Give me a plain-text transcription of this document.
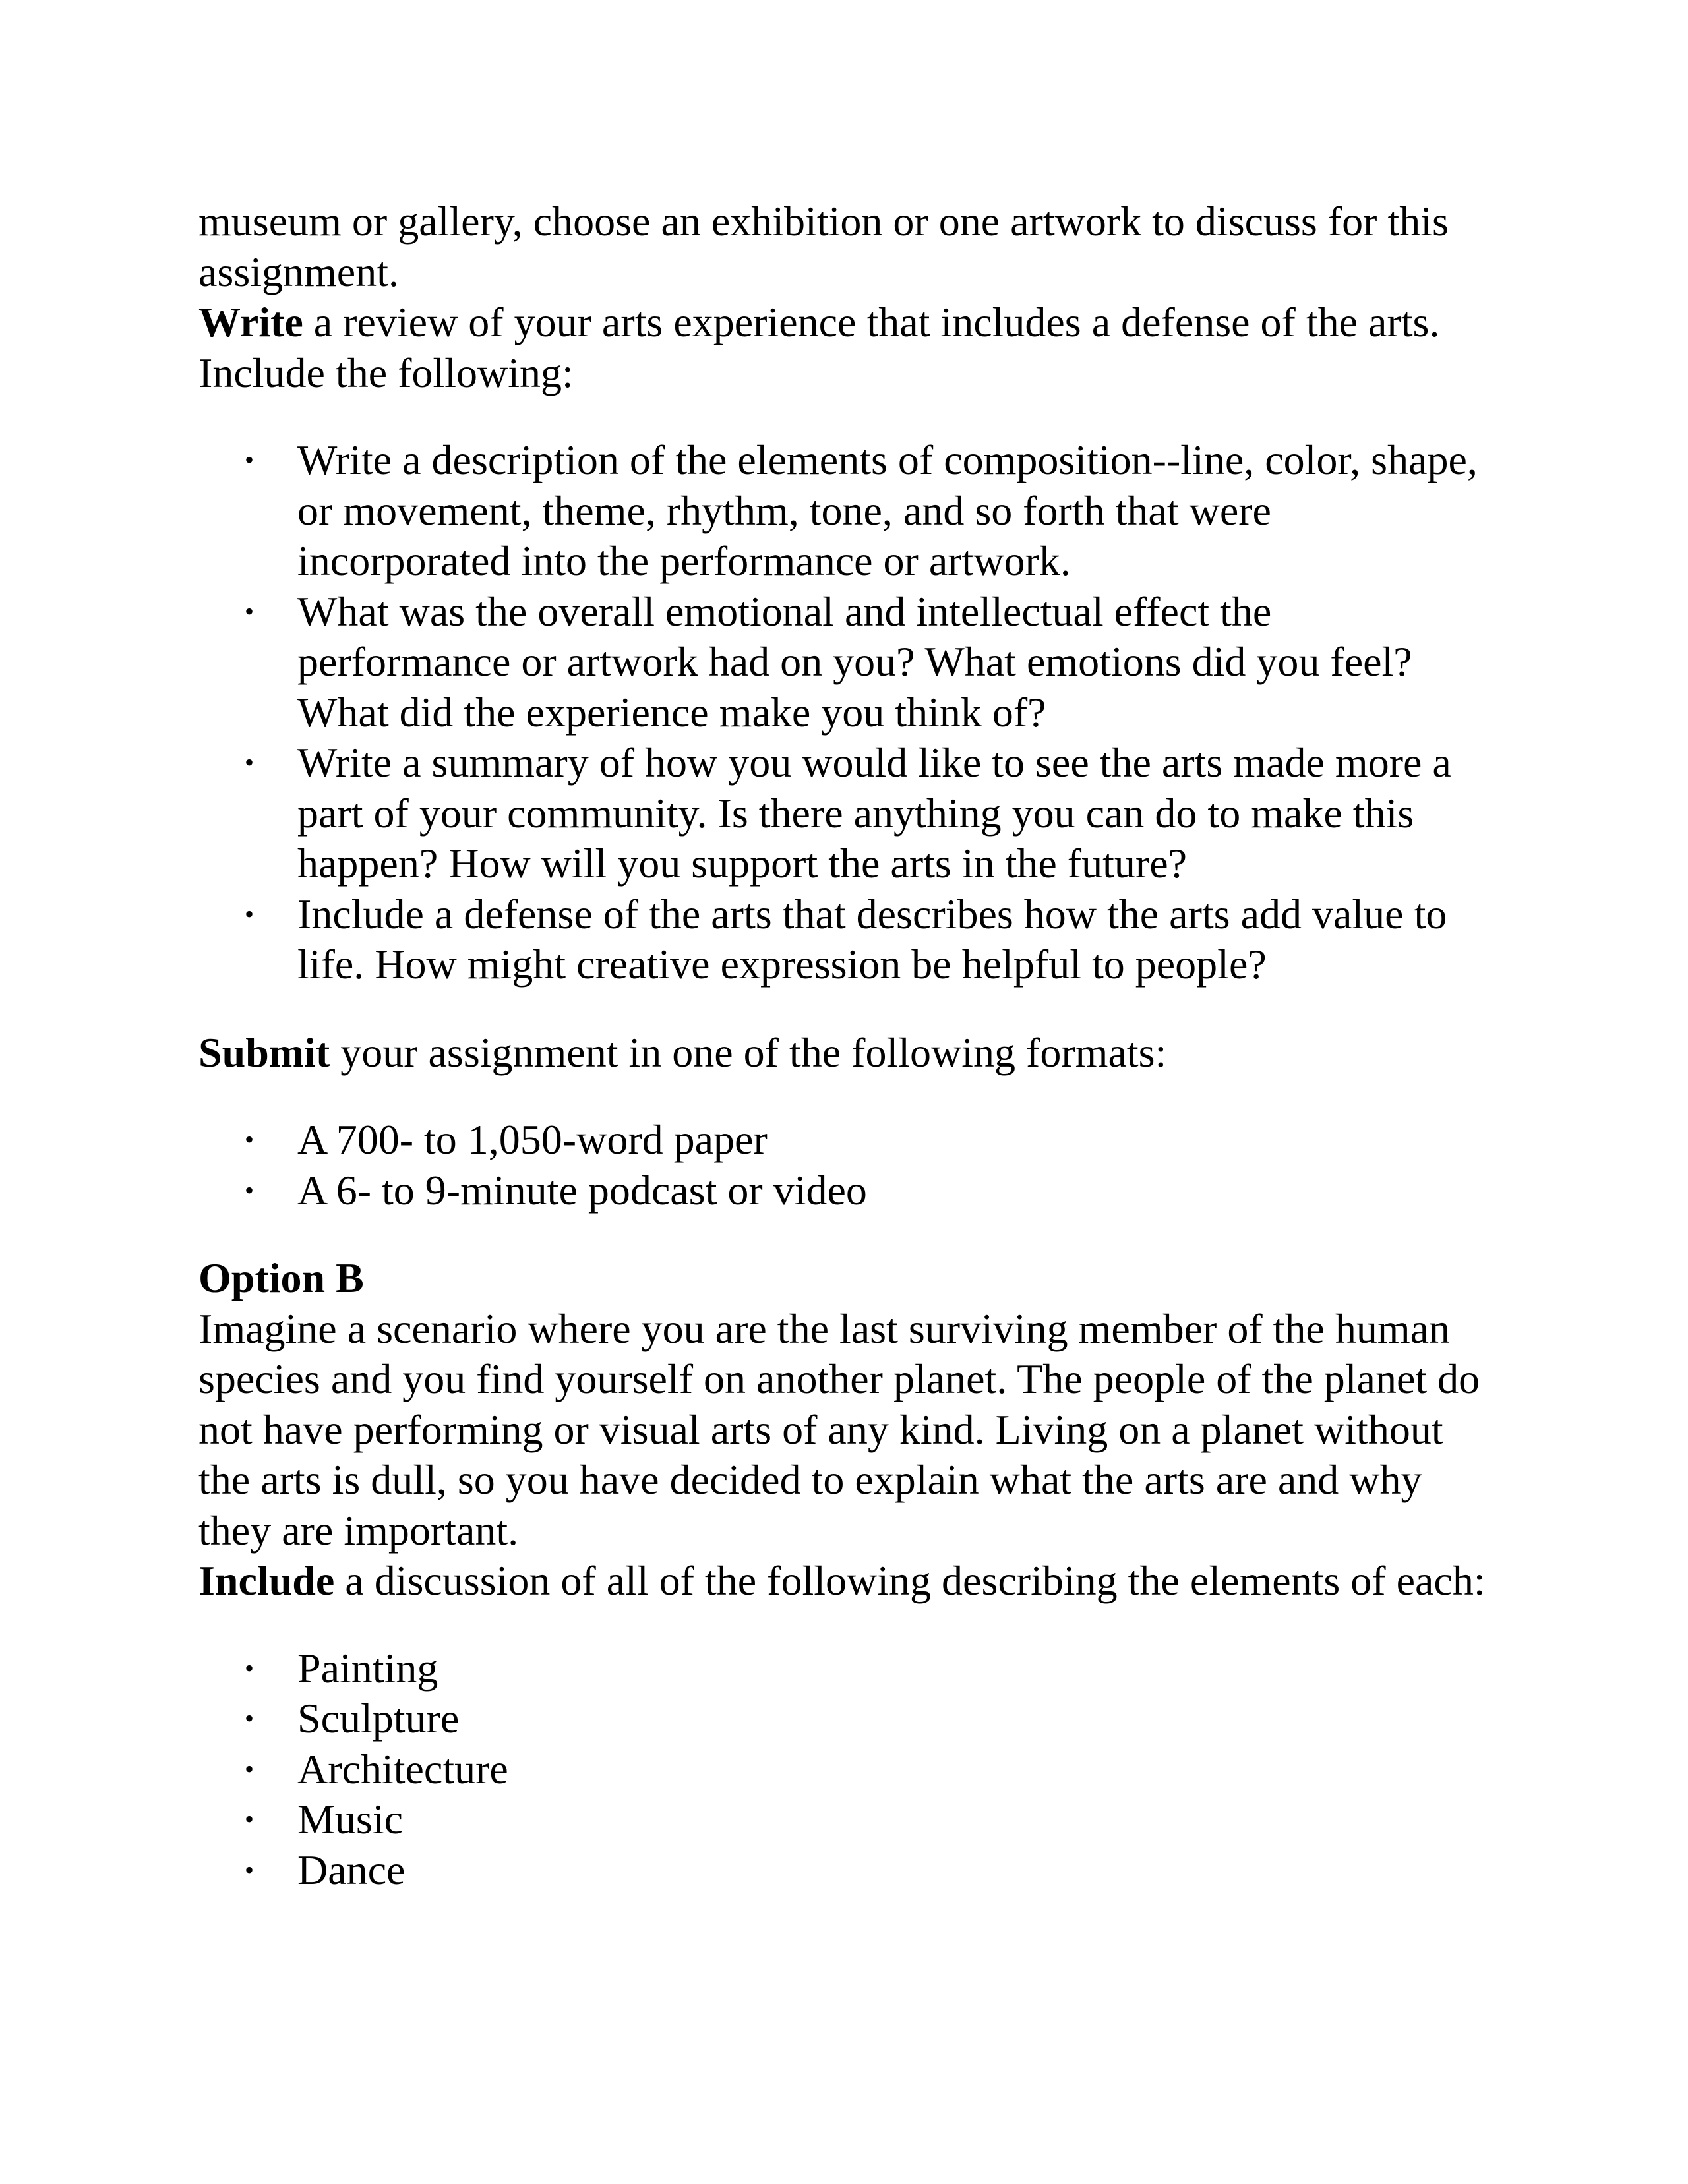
museum or gallery, choose an exhibition or one artwork to discuss for this assignment.

Write a review of your arts experience that includes a defense of the arts. Include the following:

• Write a description of the elements of composition--line, color, shape, or movement, theme, rhythm, tone, and so forth that were incorporated into the performance or artwork.
• What was the overall emotional and intellectual effect the performance or artwork had on you? What emotions did you feel? What did the experience make you think of?
• Write a summary of how you would like to see the arts made more a part of your community. Is there anything you can do to make this happen? How will you support the arts in the future?
• Include a defense of the arts that describes how the arts add value to life. How might creative expression be helpful to people?

Submit your assignment in one of the following formats:

• A 700- to 1,050-word paper
• A 6- to 9-minute podcast or video

Option B

Imagine a scenario where you are the last surviving member of the human species and you find yourself on another planet. The people of the planet do not have performing or visual arts of any kind. Living on a planet without the arts is dull, so you have decided to explain what the arts are and why they are important.

Include a discussion of all of the following describing the elements of each:

• Painting
• Sculpture
• Architecture
• Music
• Dance
